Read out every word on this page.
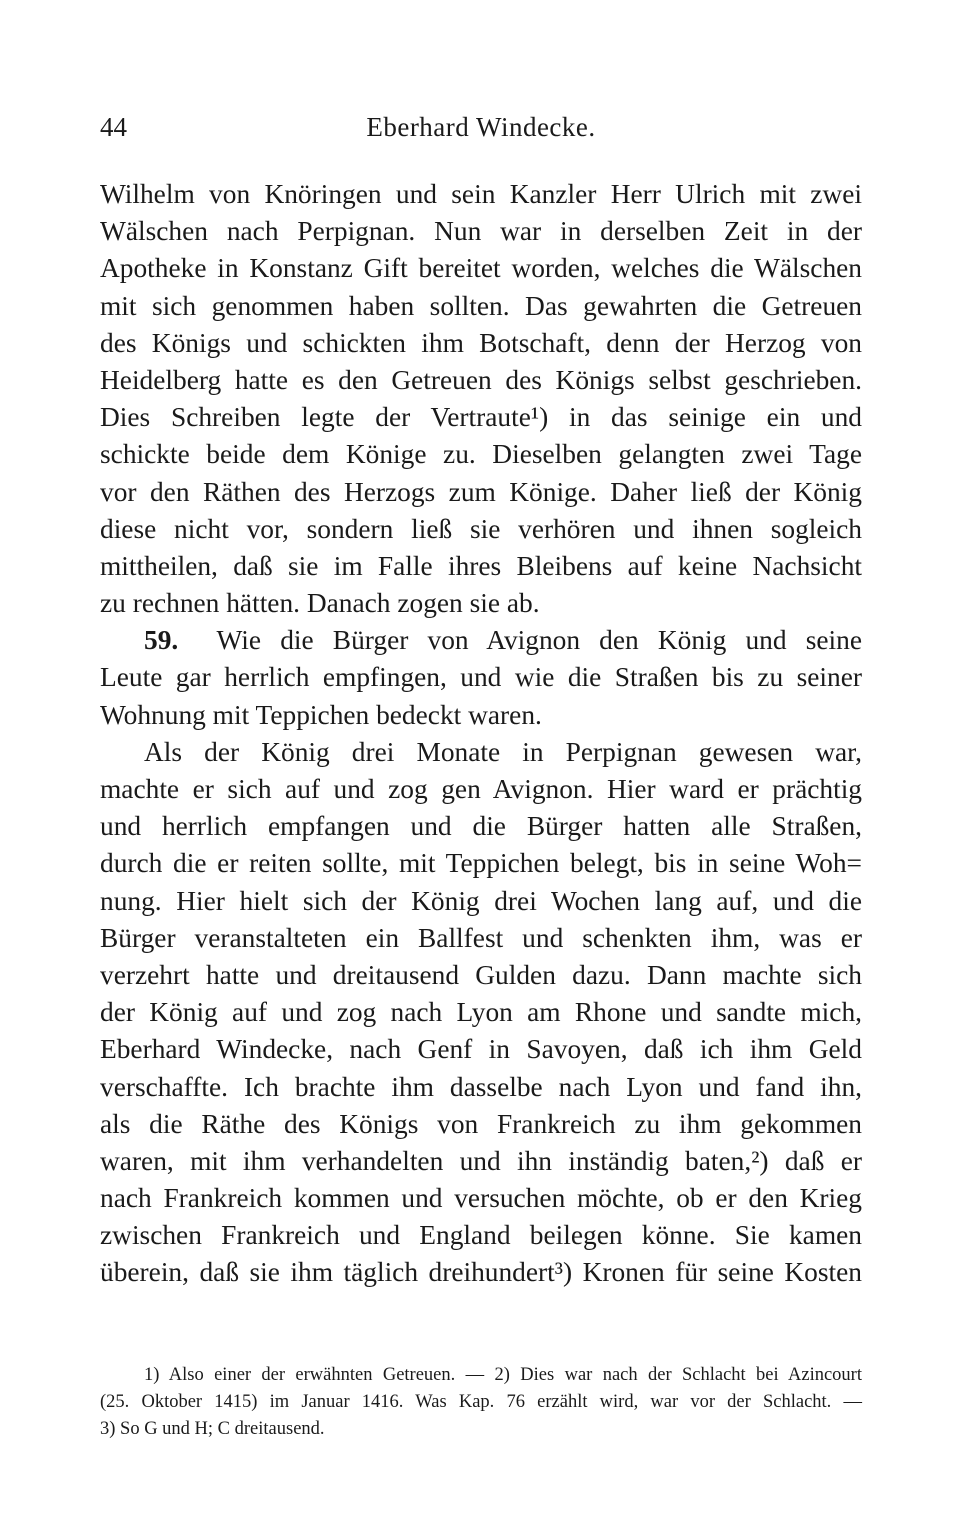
44	Eberhard Windecke.
Wilhelm von Knöringen und sein Kanzler Herr Ulrich mit zwei
Wälschen nach Perpignan. Nun war in derselben Zeit in der
Apotheke in Konstanz Gift bereitet worden, welches die Wälschen
mit sich genommen haben sollten. Das gewahrten die Getreuen
des Königs und schickten ihm Botschaft, denn der Herzog von
Heidelberg hatte es den Getreuen des Königs selbst geschrieben.
Dies Schreiben legte der Vertraute¹) in das seinige ein und
schickte beide dem Könige zu. Dieselben gelangten zwei Tage
vor den Räthen des Herzogs zum Könige. Daher ließ der König
diese nicht vor, sondern ließ sie verhören und ihnen sogleich
mittheilen, daß sie im Falle ihres Bleibens auf keine Nachsicht
zu rechnen hätten. Danach zogen sie ab.
59. Wie die Bürger von Avignon den König und seine
Leute gar herrlich empfingen, und wie die Straßen bis zu seiner
Wohnung mit Teppichen bedeckt waren.
Als der König drei Monate in Perpignan gewesen war,
machte er sich auf und zog gen Avignon. Hier ward er prächtig
und herrlich empfangen und die Bürger hatten alle Straßen,
durch die er reiten sollte, mit Teppichen belegt, bis in seine Woh=
nung. Hier hielt sich der König drei Wochen lang auf, und die
Bürger veranstalteten ein Ballfest und schenkten ihm, was er
verzehrt hatte und dreitausend Gulden dazu. Dann machte sich
der König auf und zog nach Lyon am Rhone und sandte mich,
Eberhard Windecke, nach Genf in Savoyen, daß ich ihm Geld
verschaffte. Ich brachte ihm dasselbe nach Lyon und fand ihn,
als die Räthe des Königs von Frankreich zu ihm gekommen
waren, mit ihm verhandelten und ihn inständig baten,²) daß er
nach Frankreich kommen und versuchen möchte, ob er den Krieg
zwischen Frankreich und England beilegen könne. Sie kamen
überein, daß sie ihm täglich dreihundert³) Kronen für seine Kosten
1) Also einer der erwähnten Getreuen. — 2) Dies war nach der Schlacht bei Azincourt
(25. Oktober 1415) im Januar 1416. Was Kap. 76 erzählt wird, war vor der Schlacht. —
3) So G und H; C dreitausend.
